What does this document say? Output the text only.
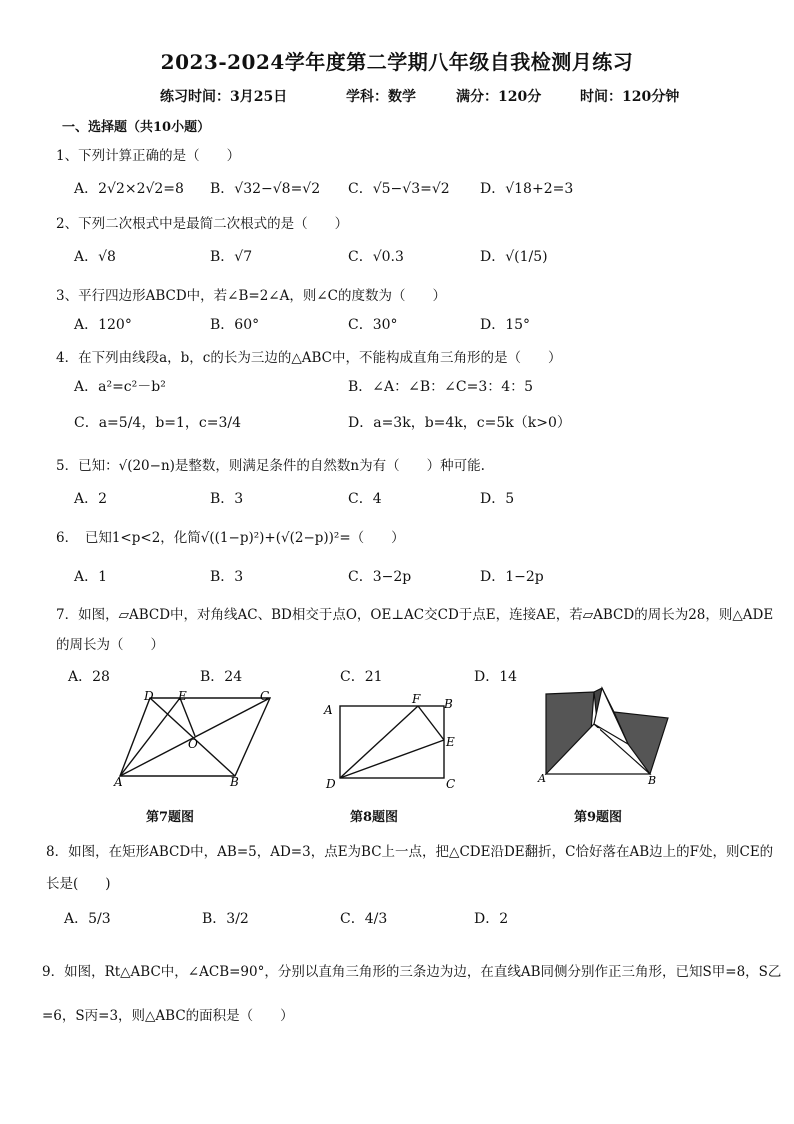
2023-2024学年度第二学期八年级自我检测月练习
练习时间：3月25日	学科：数学	满分：120分	时间：120分钟
一、选择题（共10小题）
1、下列计算正确的是（　　）
A．2√2×2√2=8 B．√32−√8=√2 C．√5−√3=√2 D．√18+2=3
2、下列二次根式中是最简二次根式的是（　　）
A．√8	B．√7	C．√0.3	D．√(1/5)
3、平行四边形ABCD中，若∠B=2∠A，则∠C的度数为（　　）
A．120°	B．60°	C．30°	D．15°
4．在下列由线段a，b，c的长为三边的△ABC中，不能构成直角三角形的是（　　）
A．a²=c²－b²	B．∠A：∠B：∠C=3：4：5
C．a=5/4，b=1，c=3/4	D．a=3k，b=4k，c=5k（k>0）
5．已知：√(20−n)是整数，则满足条件的自然数n为有（　　）种可能.
A．2	B．3	C．4	D．5
6．　已知1<p<2，化简√((1−p)²)+(√(2−p))²=（　　）
A．1	B．3	C．3−2p	D．1−2p
7．如图，▱ABCD中，对角线AC、BD相交于点O，OE⊥AC交CD于点E，连接AE，若▱ABCD的周长为28，则△ADE的周长为（　　）
A．28	B．24	C．21	D．14
D E	C
O
A	B
A
F B
E
D	C
C
A	B
第7题图	第8题图	第9题图
8．如图，在矩形ABCD中，AB=5，AD=3，点E为BC上一点，把△CDE沿DE翻折，C恰好落在AB边上的F处，则CE的长是(　　)
A．5/3	B．3/2	C．4/3	D．2
9．如图，Rt△ABC中，∠ACB=90°，分别以直角三角形的三条边为边，在直线AB同侧分别作正三角形，已知S甲=8，S乙=6，S丙=3，则△ABC的面积是（　　）
